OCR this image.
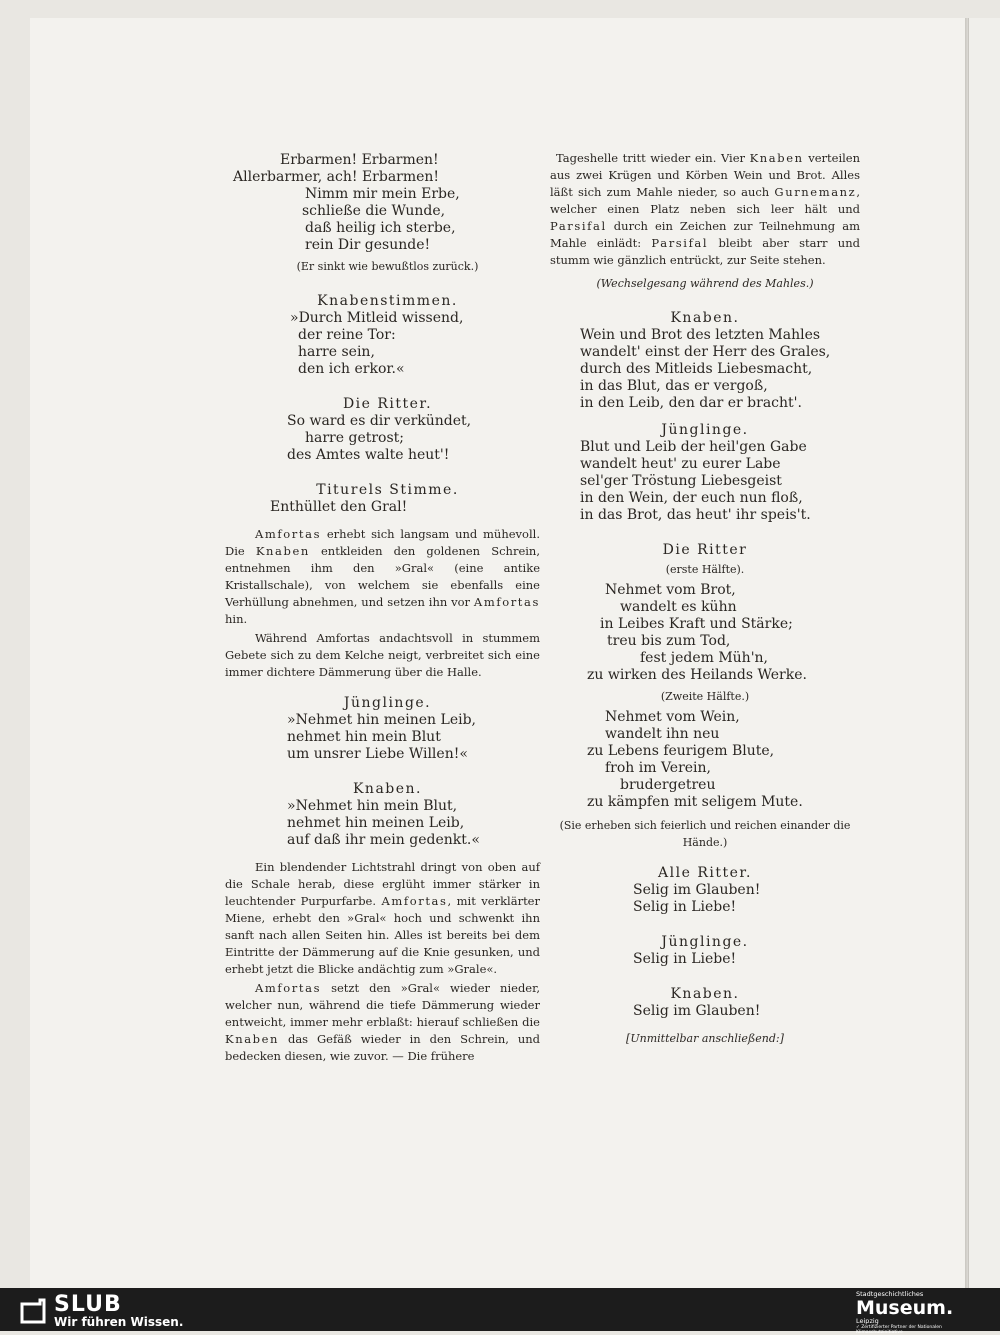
Erbarmen! Erbarmen!
Allerbarmer, ach! Erbarmen!
Nimm mir mein Erbe,
schließe die Wunde,
daß heilig ich sterbe,
rein Dir gesunde!
(Er sinkt wie bewußtlos zurück.)
Knabenstimmen.
»Durch Mitleid wissend,
der reine Tor:
harre sein,
den ich erkor.«
Die Ritter.
So ward es dir verkündet,
harre getrost;
des Amtes walte heut'!
Titurels Stimme.
Enthüllet den Gral!
Amfortas erhebt sich langsam und mühevoll. Die Knaben entkleiden den goldenen Schrein, entnehmen ihm den »Gral« (eine antike Kristallschale), von welchem sie ebenfalls eine Verhüllung abnehmen, und setzen ihn vor Amfortas hin.
Während Amfortas andachtsvoll in stummem Gebete sich zu dem Kelche neigt, verbreitet sich eine immer dichtere Dämmerung über die Halle.
Jünglinge.
»Nehmet hin meinen Leib,
nehmet hin mein Blut
um unsrer Liebe Willen!«
Knaben.
»Nehmet hin mein Blut,
nehmet hin meinen Leib,
auf daß ihr mein gedenkt.«
Ein blendender Lichtstrahl dringt von oben auf die Schale herab, diese erglüht immer stärker in leuchtender Purpurfarbe. Amfortas, mit verklärter Miene, erhebt den »Gral« hoch und schwenkt ihn sanft nach allen Seiten hin. Alles ist bereits bei dem Eintritte der Dämmerung auf die Knie gesunken, und erhebt jetzt die Blicke andächtig zum »Grale«.
Amfortas setzt den »Gral« wieder nieder, welcher nun, während die tiefe Dämmerung wieder entweicht, immer mehr erblaßt: hierauf schließen die Knaben das Gefäß wieder in den Schrein, und bedecken diesen, wie zuvor. — Die frühere
Tageshelle tritt wieder ein. Vier Knaben verteilen aus zwei Krügen und Körben Wein und Brot. Alles läßt sich zum Mahle nieder, so auch Gurnemanz, welcher einen Platz neben sich leer hält und Parsifal durch ein Zeichen zur Teilnehmung am Mahle einlädt: Parsifal bleibt aber starr und stumm wie gänzlich entrückt, zur Seite stehen.
(Wechselgesang während des Mahles.)
Knaben.
Wein und Brot des letzten Mahles
wandelt' einst der Herr des Grales,
durch des Mitleids Liebesmacht,
in das Blut, das er vergoß,
in den Leib, den dar er bracht'.
Jünglinge.
Blut und Leib der heil'gen Gabe
wandelt heut' zu eurer Labe
sel'ger Tröstung Liebesgeist
in den Wein, der euch nun floß,
in das Brot, das heut' ihr speis't.
Die Ritter
(erste Hälfte).
Nehmet vom Brot,
wandelt es kühn
in Leibes Kraft und Stärke;
treu bis zum Tod,
fest jedem Müh'n,
zu wirken des Heilands Werke.
(Zweite Hälfte.)
Nehmet vom Wein,
wandelt ihn neu
zu Lebens feurigem Blute,
froh im Verein,
brudergetreu
zu kämpfen mit seligem Mute.
(Sie erheben sich feierlich und reichen einander die Hände.)
Alle Ritter.
Selig im Glauben!
Selig in Liebe!
Jünglinge.
Selig in Liebe!
Knaben.
Selig im Glauben!
[Unmittelbar anschließend:]
SLUB
Wir führen Wissen.
Stadtgeschichtliches
Museum.
Leipzig
✓ Zertifizierter Partner der Nationalen Klimaschutzinitiative
